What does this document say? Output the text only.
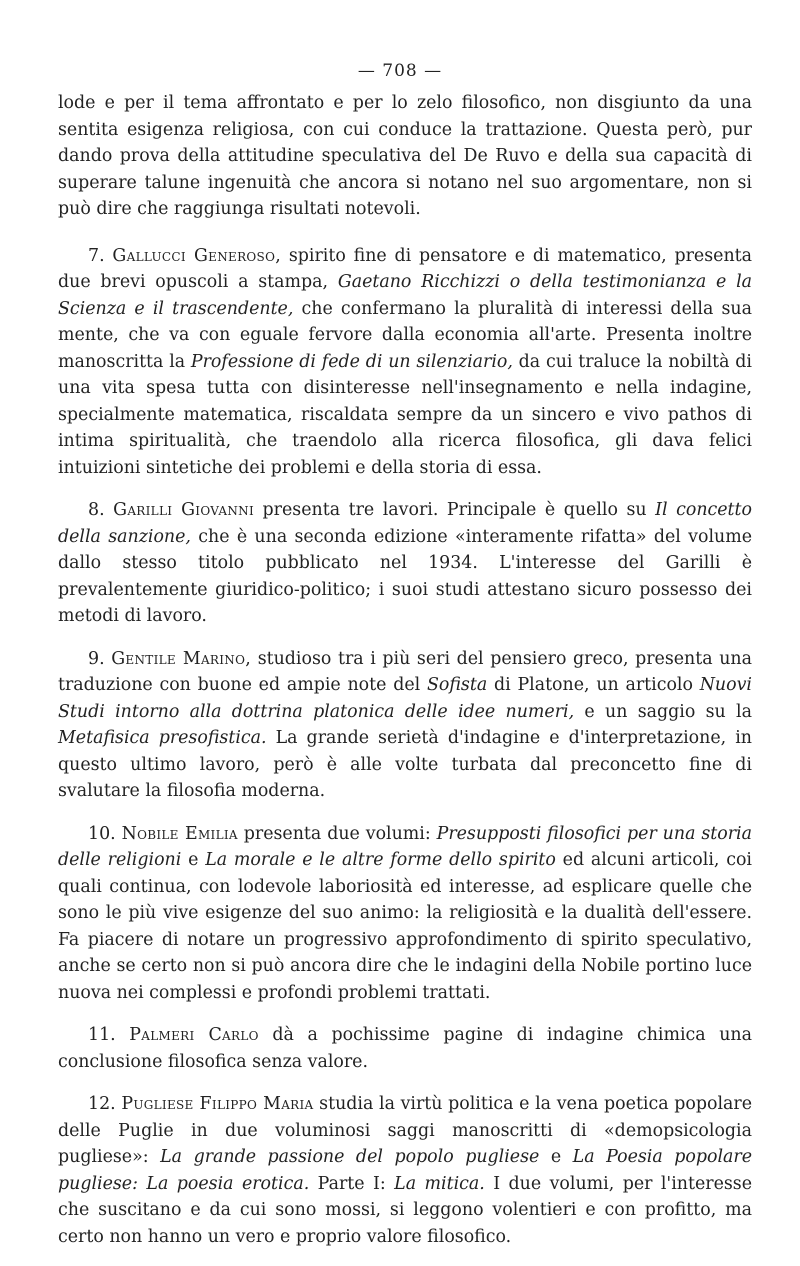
— 708 —

lode e per il tema affrontato e per lo zelo filosofico, non disgiunto da una sentita esigenza religiosa, con cui conduce la trattazione. Questa però, pur dando prova della attitudine speculativa del De Ruvo e della sua capacità di superare talune ingenuità che ancora si notano nel suo argomentare, non si può dire che raggiunga risultati notevoli.

7. Gallucci Generoso, spirito fine di pensatore e di matematico, presenta due brevi opuscoli a stampa, Gaetano Ricchizzi o della testimonianza e la Scienza e il trascendente, che confermano la pluralità di interessi della sua mente, che va con eguale fervore dalla economia all'arte. Presenta inoltre manoscritta la Professione di fede di un silenziario, da cui traluce la nobiltà di una vita spesa tutta con disinteresse nell'insegnamento e nella indagine, specialmente matematica, riscaldata sempre da un sincero e vivo pathos di intima spiritualità, che traendolo alla ricerca filosofica, gli dava felici intuizioni sintetiche dei problemi e della storia di essa.

8. Garilli Giovanni presenta tre lavori. Principale è quello su Il concetto della sanzione, che è una seconda edizione «interamente rifatta» del volume dallo stesso titolo pubblicato nel 1934. L'interesse del Garilli è prevalentemente giuridico-politico; i suoi studi attestano sicuro possesso dei metodi di lavoro.

9. Gentile Marino, studioso tra i più seri del pensiero greco, presenta una traduzione con buone ed ampie note del Sofista di Platone, un articolo Nuovi Studi intorno alla dottrina platonica delle idee numeri, e un saggio su la Metafisica presofistica. La grande serietà d'indagine e d'interpretazione, in questo ultimo lavoro, però è alle volte turbata dal preconcetto fine di svalutare la filosofia moderna.

10. Nobile Emilia presenta due volumi: Presupposti filosofici per una storia delle religioni e La morale e le altre forme dello spirito ed alcuni articoli, coi quali continua, con lodevole laboriosità ed interesse, ad esplicare quelle che sono le più vive esigenze del suo animo: la religiosità e la dualità dell'essere. Fa piacere di notare un progressivo approfondimento di spirito speculativo, anche se certo non si può ancora dire che le indagini della Nobile portino luce nuova nei complessi e profondi problemi trattati.

11. Palmeri Carlo dà a pochissime pagine di indagine chimica una conclusione filosofica senza valore.

12. Pugliese Filippo Maria studia la virtù politica e la vena poetica popolare delle Puglie in due voluminosi saggi manoscritti di «demopsicologia pugliese»: La grande passione del popolo pugliese e La Poesia popolare pugliese: La poesia erotica. Parte I: La mitica. I due volumi, per l'interesse che suscitano e da cui sono mossi, si leggono volentieri e con profitto, ma certo non hanno un vero e proprio valore filosofico.
